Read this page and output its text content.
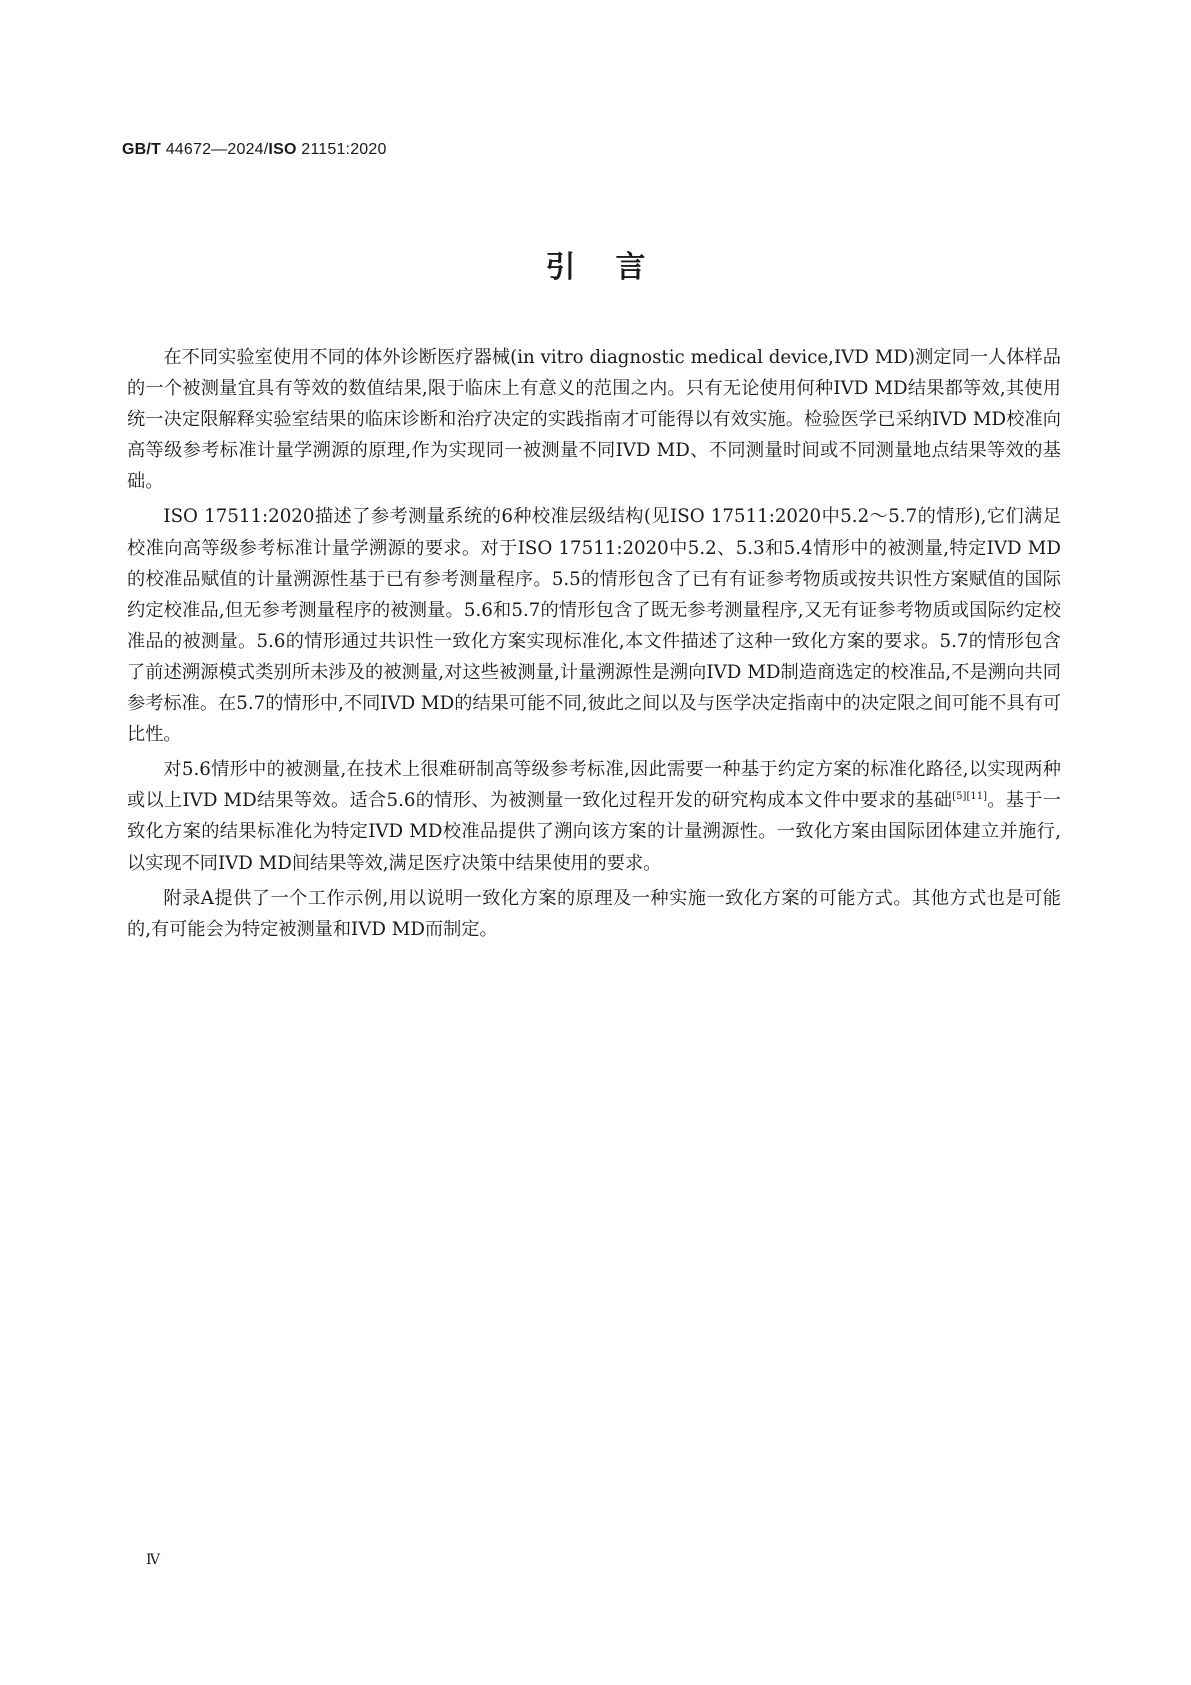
GB/T 44672—2024/ISO 21151:2020
引言

在不同实验室使用不同的体外诊断医疗器械(in vitro diagnostic medical device,IVD MD)测定同一人体样品的一个被测量宜具有等效的数值结果,限于临床上有意义的范围之内。只有无论使用何种IVD MD结果都等效,其使用统一决定限解释实验室结果的临床诊断和治疗决定的实践指南才可能得以有效实施。检验医学已采纳IVD MD校准向高等级参考标准计量学溯源的原理,作为实现同一被测量不同IVD MD、不同测量时间或不同测量地点结果等效的基础。

ISO 17511:2020描述了参考测量系统的6种校准层级结构(见ISO 17511:2020中5.2～5.7的情形),它们满足校准向高等级参考标准计量学溯源的要求。对于ISO 17511:2020中5.2、5.3和5.4情形中的被测量,特定IVD MD的校准品赋值的计量溯源性基于已有参考测量程序。5.5的情形包含了已有有证参考物质或按共识性方案赋值的国际约定校准品,但无参考测量程序的被测量。5.6和5.7的情形包含了既无参考测量程序,又无有证参考物质或国际约定校准品的被测量。5.6的情形通过共识性一致化方案实现标准化,本文件描述了这种一致化方案的要求。5.7的情形包含了前述溯源模式类别所未涉及的被测量,对这些被测量,计量溯源性是溯向IVD MD制造商选定的校准品,不是溯向共同参考标准。在5.7的情形中,不同IVD MD的结果可能不同,彼此之间以及与医学决定指南中的决定限之间可能不具有可比性。

对5.6情形中的被测量,在技术上很难研制高等级参考标准,因此需要一种基于约定方案的标准化路径,以实现两种或以上IVD MD结果等效。适合5.6的情形、为被测量一致化过程开发的研究构成本文件中要求的基础[5][11]。基于一致化方案的结果标准化为特定IVD MD校准品提供了溯向该方案的计量溯源性。一致化方案由国际团体建立并施行,以实现不同IVD MD间结果等效,满足医疗决策中结果使用的要求。

附录A提供了一个工作示例,用以说明一致化方案的原理及一种实施一致化方案的可能方式。其他方式也是可能的,有可能会为特定被测量和IVD MD而制定。

Ⅳ
